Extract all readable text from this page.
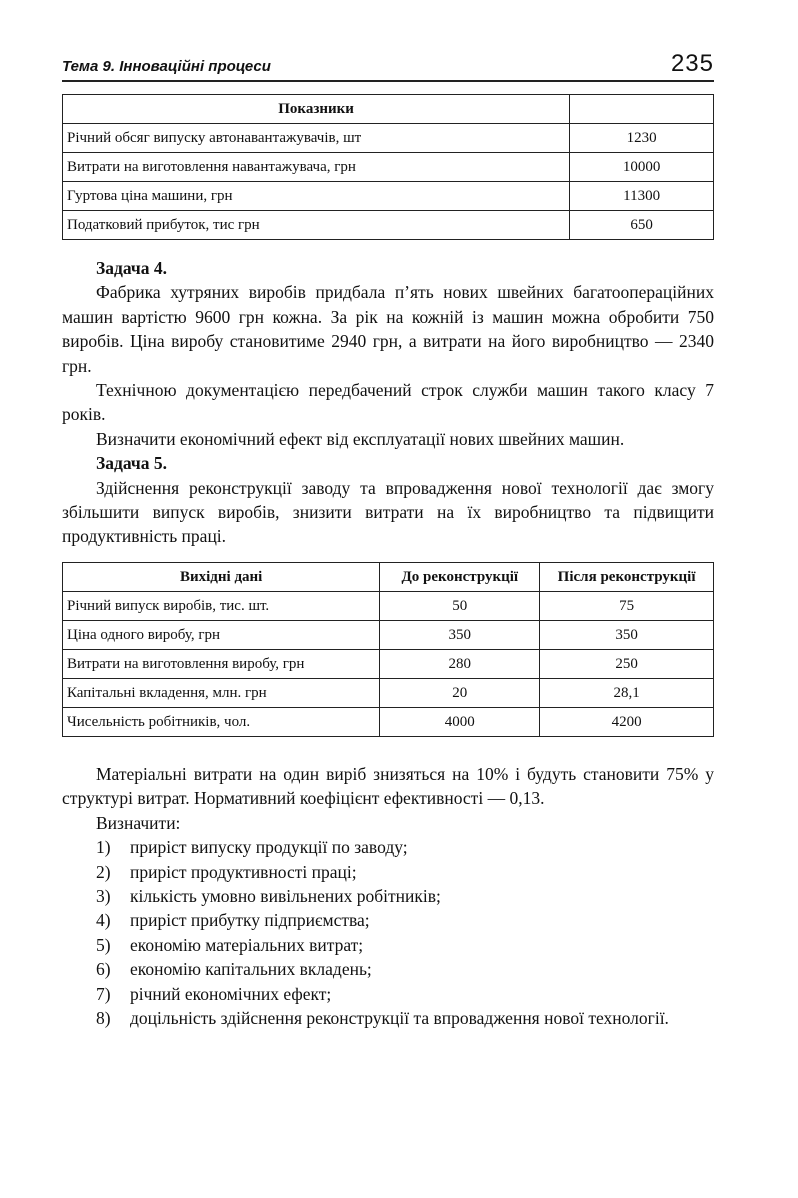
Тема 9. Інноваційні процеси	235
Показники	
Річний обсяг випуску автонавантажувачів, шт	1230
Витрати на виготовлення навантажувача, грн	10000
Гуртова ціна машини, грн	11300
Податковий прибуток, тис грн	650

Задача 4.

Фабрика хутряних виробів придбала п’ять нових швейних багатоопераційних машин вартістю 9600 грн кожна. За рік на кожній із машин можна обробити 750 виробів. Ціна виробу становитиме 2940 грн, а витрати на його виробництво — 2340 грн.

Технічною документацією передбачений строк служби машин такого класу 7 років.

Визначити економічний ефект від експлуатації нових швейних машин.

Задача 5.

Здійснення реконструкції заводу та впровадження нової технології дає змогу збільшити випуск виробів, знизити витрати на їх виробництво та підвищити продуктивність праці.

Вихідні дані	До реконструкції	Після реконструкції
Річний випуск виробів, тис. шт.	50	75
Ціна одного виробу, грн	350	350
Витрати на виготовлення виробу, грн	280	250
Капітальні вкладення, млн. грн	20	28,1
Чисельність робітників, чол.	4000	4200

Матеріальні витрати на один виріб знизяться на 10% і будуть становити 75% у структурі витрат. Нормативний коефіцієнт ефективності — 0,13.

Визначити:

1) приріст випуску продукції по заводу;
2) приріст продуктивності праці;
3) кількість умовно вивільнених робітників;
4) приріст прибутку підприємства;
5) економію матеріальних витрат;
6) економію капітальних вкладень;
7) річний економічних ефект;
8) доцільність здійснення реконструкції та впровадження нової технології.
